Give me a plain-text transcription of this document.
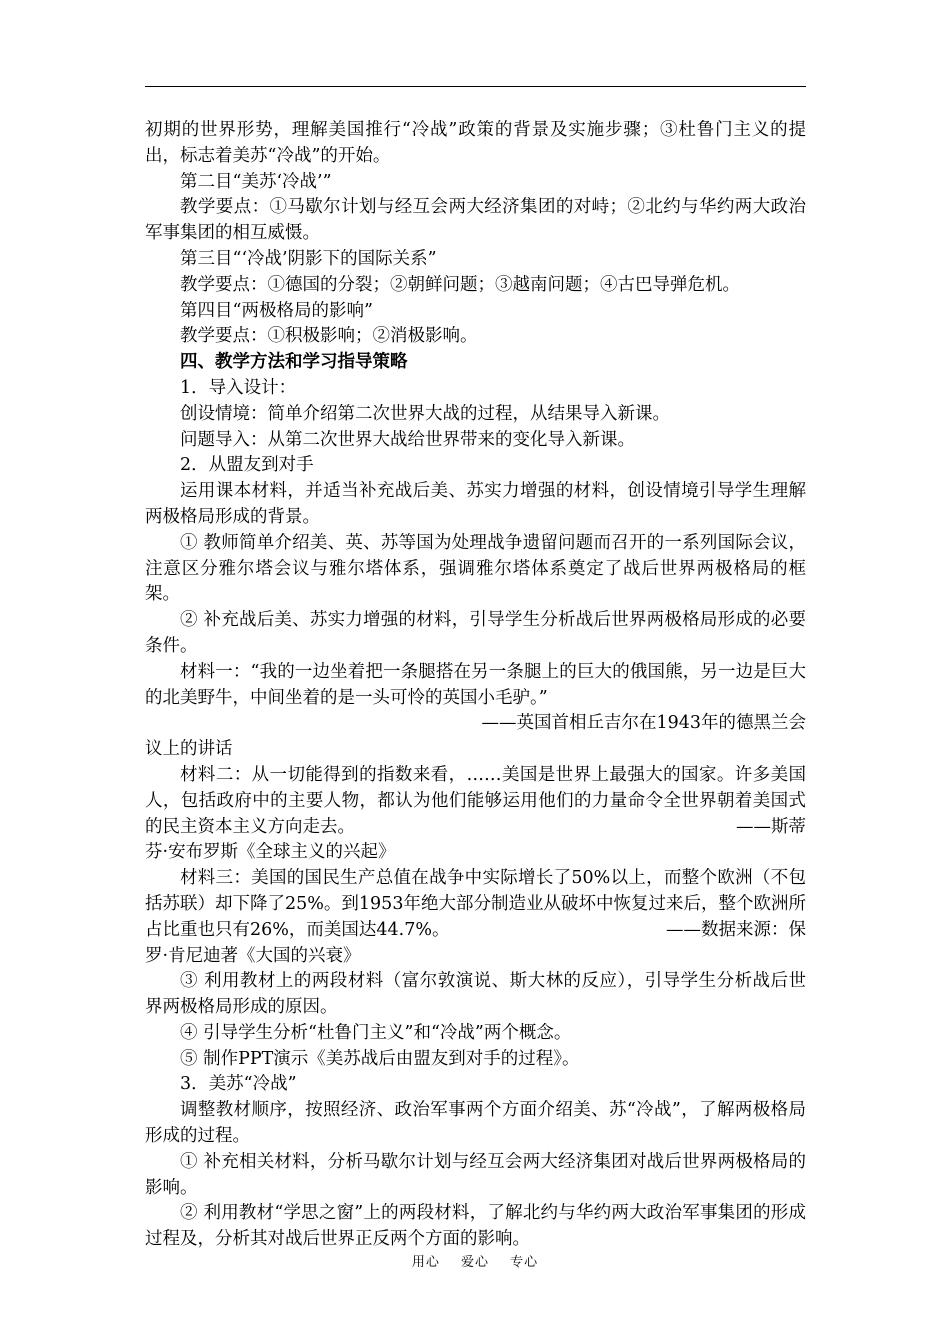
初期的世界形势，理解美国推行“冷战”政策的背景及实施步骤；③杜鲁门主义的提出，标志着美苏“冷战”的开始。

第二目“美苏‘冷战’”

教学要点：①马歇尔计划与经互会两大经济集团的对峙；②北约与华约两大政治军事集团的相互威慑。

第三目“‘冷战’阴影下的国际关系”

教学要点：①德国的分裂；②朝鲜问题；③越南问题；④古巴导弹危机。

第四目“两极格局的影响”

教学要点：①积极影响；②消极影响。

四、教学方法和学习指导策略

1．导入设计：

创设情境：简单介绍第二次世界大战的过程，从结果导入新课。

问题导入：从第二次世界大战给世界带来的变化导入新课。

2．从盟友到对手

运用课本材料，并适当补充战后美、苏实力增强的材料，创设情境引导学生理解两极格局形成的背景。

① 教师简单介绍美、英、苏等国为处理战争遗留问题而召开的一系列国际会议，注意区分雅尔塔会议与雅尔塔体系，强调雅尔塔体系奠定了战后世界两极格局的框架。

② 补充战后美、苏实力增强的材料，引导学生分析战后世界两极格局形成的必要条件。

材料一：“我的一边坐着把一条腿搭在另一条腿上的巨大的俄国熊，另一边是巨大的北美野牛，中间坐着的是一头可怜的英国小毛驴。”

——英国首相丘吉尔在1943年的德黑兰会

议上的讲话

材料二：从一切能得到的指数来看，……美国是世界上最强大的国家。许多美国人，包括政府中的主要人物，都认为他们能够运用他们的力量命令全世界朝着美国式的民主资本主义方向走去。	——斯蒂

芬·安布罗斯《全球主义的兴起》

材料三：美国的国民生产总值在战争中实际增长了50%以上，而整个欧洲（不包括苏联）却下降了25%。到1953年绝大部分制造业从破坏中恢复过来后，整个欧洲所占比重也只有26%，而美国达44.7%。	——数据来源：保

罗·肯尼迪著《大国的兴衰》

③ 利用教材上的两段材料（富尔敦演说、斯大林的反应），引导学生分析战后世界两极格局形成的原因。

④ 引导学生分析“杜鲁门主义”和“冷战”两个概念。

⑤ 制作PPT演示《美苏战后由盟友到对手的过程》。

3．美苏“冷战”

调整教材顺序，按照经济、政治军事两个方面介绍美、苏“冷战”，了解两极格局形成的过程。

① 补充相关材料，分析马歇尔计划与经互会两大经济集团对战后世界两极格局的影响。

② 利用教材“学思之窗”上的两段材料，了解北约与华约两大政治军事集团的形成过程及，分析其对战后世界正反两个方面的影响。

用心 爱心 专心
